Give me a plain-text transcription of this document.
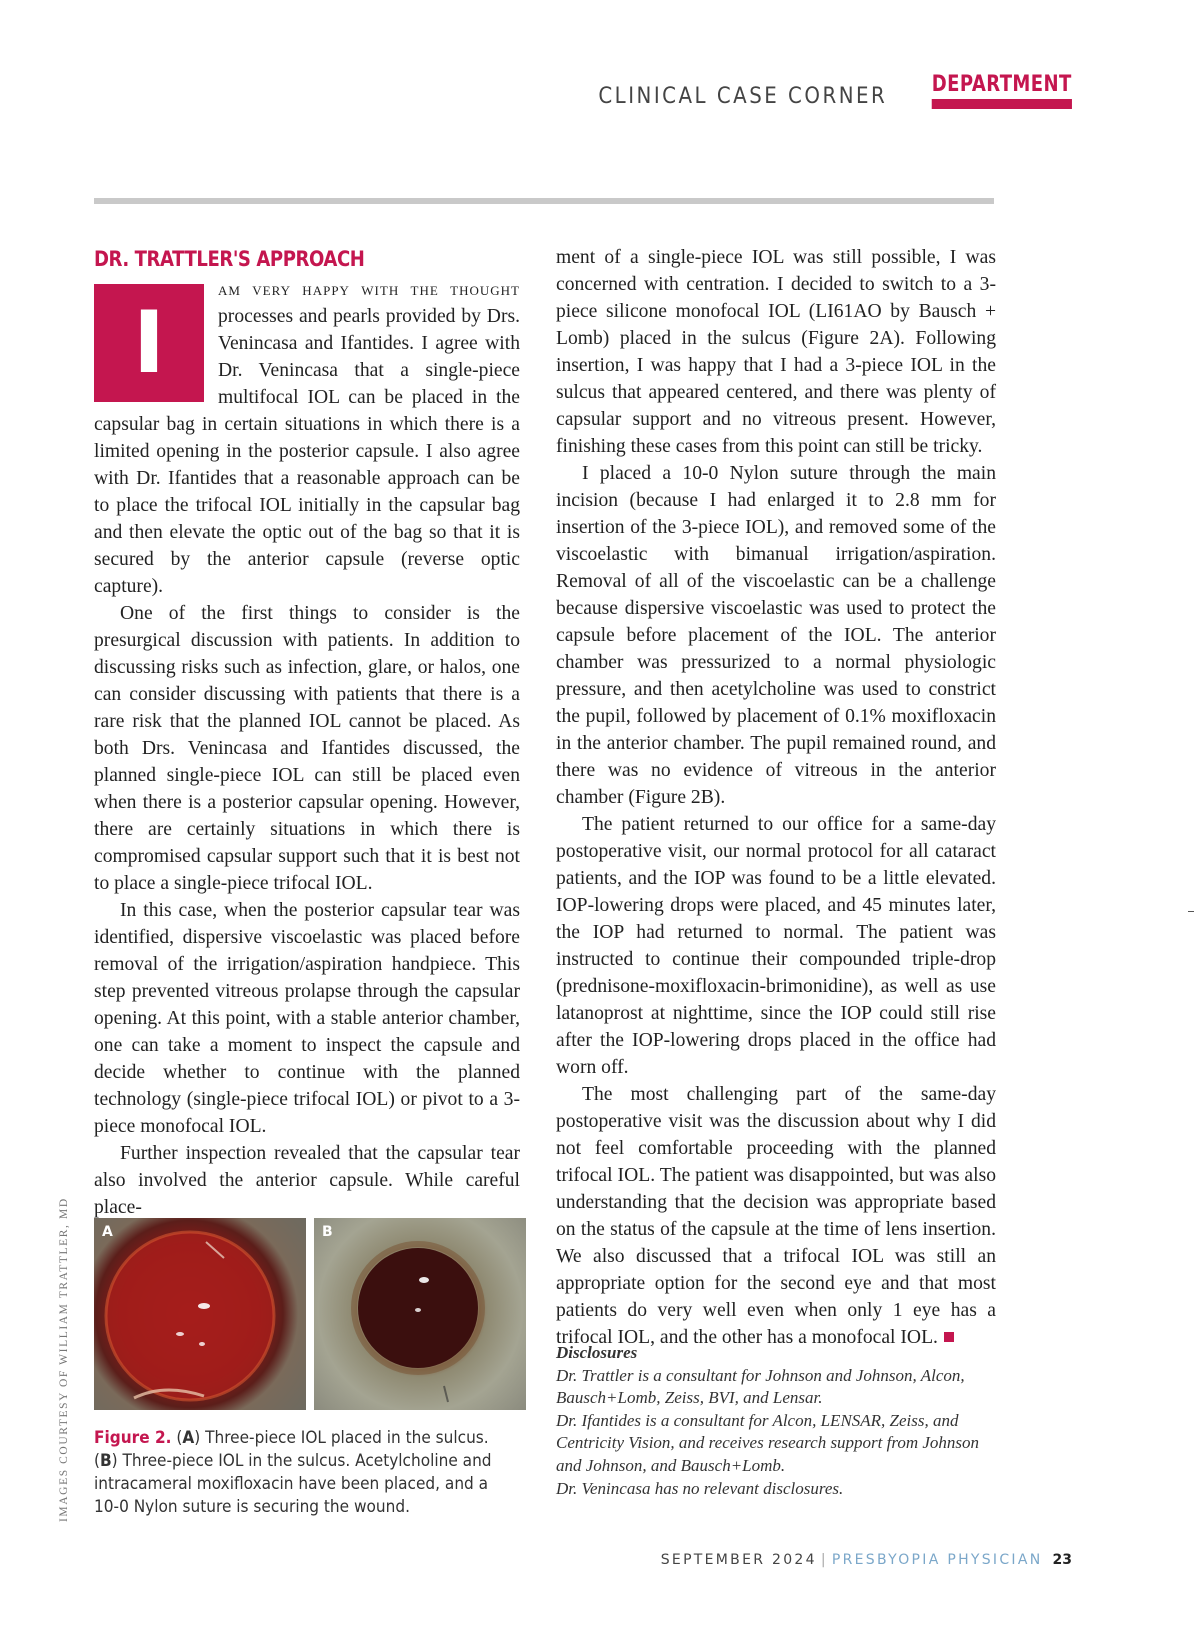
CLINICAL CASE CORNER DEPARTMENT
DR. TRATTLER'S APPROACH

I
am very happy with the thought processes and pearls provided by Drs. Venincasa and Ifantides. I agree with Dr. Venincasa that a single-piece multifocal IOL can be placed in the capsular bag in certain situations in which there is a limited opening in the posterior capsule. I also agree with Dr. Ifantides that a reasonable approach can be to place the trifocal IOL initially in the capsular bag and then elevate the optic out of the bag so that it is secured by the anterior capsule (reverse optic capture).

One of the first things to consider is the presurgical discussion with patients. In addition to discussing risks such as infection, glare, or halos, one can consider discussing with patients that there is a rare risk that the planned IOL cannot be placed. As both Drs. Venincasa and Ifantides discussed, the planned single-piece IOL can still be placed even when there is a posterior capsular opening. However, there are certainly situations in which there is compromised capsular support such that it is best not to place a single-piece trifocal IOL.

In this case, when the posterior capsular tear was identified, dispersive viscoelastic was placed before removal of the irrigation/aspiration handpiece. This step prevented vitreous prolapse through the capsular opening. At this point, with a stable anterior chamber, one can take a moment to inspect the capsule and decide whether to continue with the planned technology (single-piece trifocal IOL) or pivot to a 3-piece monofocal IOL.

Further inspection revealed that the capsular tear also involved the anterior capsule. While careful place-

ment of a single-piece IOL was still possible, I was concerned with centration. I decided to switch to a 3-piece silicone monofocal IOL (LI61AO by Bausch + Lomb) placed in the sulcus (Figure 2A). Following insertion, I was happy that I had a 3-piece IOL in the sulcus that appeared centered, and there was plenty of capsular support and no vitreous present. However, finishing these cases from this point can still be tricky.

I placed a 10-0 Nylon suture through the main incision (because I had enlarged it to 2.8 mm for insertion of the 3-piece IOL), and removed some of the viscoelastic with bimanual irrigation/aspiration. Removal of all of the viscoelastic can be a challenge because dispersive viscoelastic was used to protect the capsule before placement of the IOL. The anterior chamber was pressurized to a normal physiologic pressure, and then acetylcholine was used to constrict the pupil, followed by placement of 0.1% moxifloxacin in the anterior chamber. The pupil remained round, and there was no evidence of vitreous in the anterior chamber (Figure 2B).

The patient returned to our office for a same-day postoperative visit, our normal protocol for all cataract patients, and the IOP was found to be a little elevated. IOP-lowering drops were placed, and 45 minutes later, the IOP had returned to normal. The patient was instructed to continue their compounded triple-drop (prednisone-moxifloxacin-brimonidine), as well as use latanoprost at nighttime, since the IOP could still rise after the IOP-lowering drops placed in the office had worn off.

The most challenging part of the same-day postoperative visit was the discussion about why I did not feel comfortable proceeding with the planned trifocal IOL. The patient was disappointed, but was also understanding that the decision was appropriate based on the status of the capsule at the time of lens insertion. We also discussed that a trifocal IOL was still an appropriate option for the second eye and that most patients do very well even when only 1 eye has a trifocal IOL, and the other has a monofocal IOL.

A	B
Figure 2. (A) Three-piece IOL placed in the sulcus. (B) Three-piece IOL in the sulcus. Acetylcholine and intracameral moxifloxacin have been placed, and a 10-0 Nylon suture is securing the wound.
IMAGES COURTESY OF WILLIAM TRATTLER, MD	Disclosures

Dr. Trattler is a consultant for Johnson and Johnson, Alcon, Bausch+Lomb, Zeiss, BVI, and Lensar.

Dr. Ifantides is a consultant for Alcon, LENSAR, Zeiss, and Centricity Vision, and receives research support from Johnson and Johnson, and Bausch+Lomb.

Dr. Venincasa has no relevant disclosures.

SEPTEMBER 2024 | PRESBYOPIA PHYSICIAN 23
